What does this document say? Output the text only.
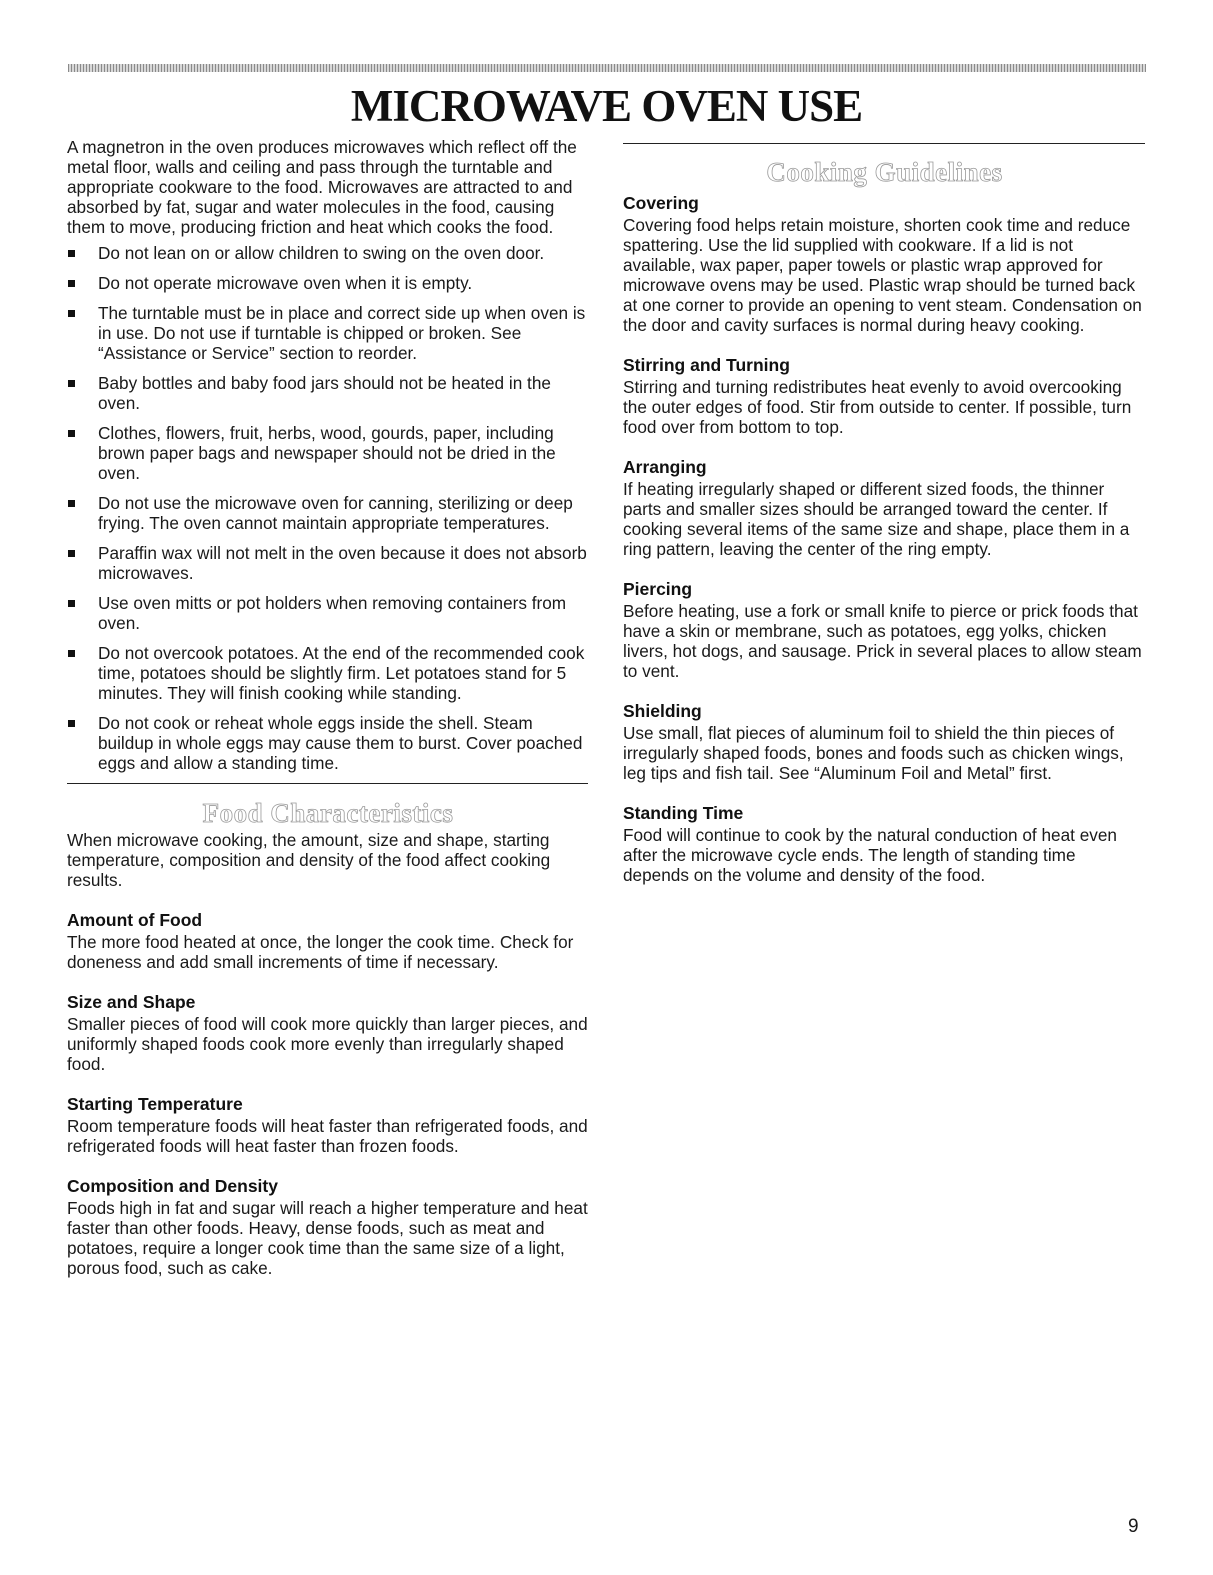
MICROWAVE OVEN USE

A magnetron in the oven produces microwaves which reflect off the metal floor, walls and ceiling and pass through the turntable and appropriate cookware to the food. Microwaves are attracted to and absorbed by fat, sugar and water molecules in the food, causing them to move, producing friction and heat which cooks the food.

Do not lean on or allow children to swing on the oven door.
Do not operate microwave oven when it is empty.
The turntable must be in place and correct side up when oven is in use. Do not use if turntable is chipped or broken. See “Assistance or Service” section to reorder.
Baby bottles and baby food jars should not be heated in the oven.
Clothes, flowers, fruit, herbs, wood, gourds, paper, including brown paper bags and newspaper should not be dried in the oven.
Do not use the microwave oven for canning, sterilizing or deep frying. The oven cannot maintain appropriate temperatures.
Paraffin wax will not melt in the oven because it does not absorb microwaves.
Use oven mitts or pot holders when removing containers from oven.
Do not overcook potatoes. At the end of the recommended cook time, potatoes should be slightly firm. Let potatoes stand for 5 minutes. They will finish cooking while standing.
Do not cook or reheat whole eggs inside the shell. Steam buildup in whole eggs may cause them to burst. Cover poached eggs and allow a standing time.
Food Characteristics

When microwave cooking, the amount, size and shape, starting temperature, composition and density of the food affect cooking results.

Amount of Food

The more food heated at once, the longer the cook time. Check for doneness and add small increments of time if necessary.

Size and Shape

Smaller pieces of food will cook more quickly than larger pieces, and uniformly shaped foods cook more evenly than irregularly shaped food.

Starting Temperature

Room temperature foods will heat faster than refrigerated foods, and refrigerated foods will heat faster than frozen foods.

Composition and Density

Foods high in fat and sugar will reach a higher temperature and heat faster than other foods. Heavy, dense foods, such as meat and potatoes, require a longer cook time than the same size of a light, porous food, such as cake.

Cooking Guidelines
Covering

Covering food helps retain moisture, shorten cook time and reduce spattering. Use the lid supplied with cookware. If a lid is not available, wax paper, paper towels or plastic wrap approved for microwave ovens may be used. Plastic wrap should be turned back at one corner to provide an opening to vent steam. Condensation on the door and cavity surfaces is normal during heavy cooking.

Stirring and Turning

Stirring and turning redistributes heat evenly to avoid overcooking the outer edges of food. Stir from outside to center. If possible, turn food over from bottom to top.

Arranging

If heating irregularly shaped or different sized foods, the thinner parts and smaller sizes should be arranged toward the center. If cooking several items of the same size and shape, place them in a ring pattern, leaving the center of the ring empty.

Piercing

Before heating, use a fork or small knife to pierce or prick foods that have a skin or membrane, such as potatoes, egg yolks, chicken livers, hot dogs, and sausage. Prick in several places to allow steam to vent.

Shielding

Use small, flat pieces of aluminum foil to shield the thin pieces of irregularly shaped foods, bones and foods such as chicken wings, leg tips and fish tail. See “Aluminum Foil and Metal” first.

Standing Time

Food will continue to cook by the natural conduction of heat even after the microwave cycle ends. The length of standing time depends on the volume and density of the food.

9
